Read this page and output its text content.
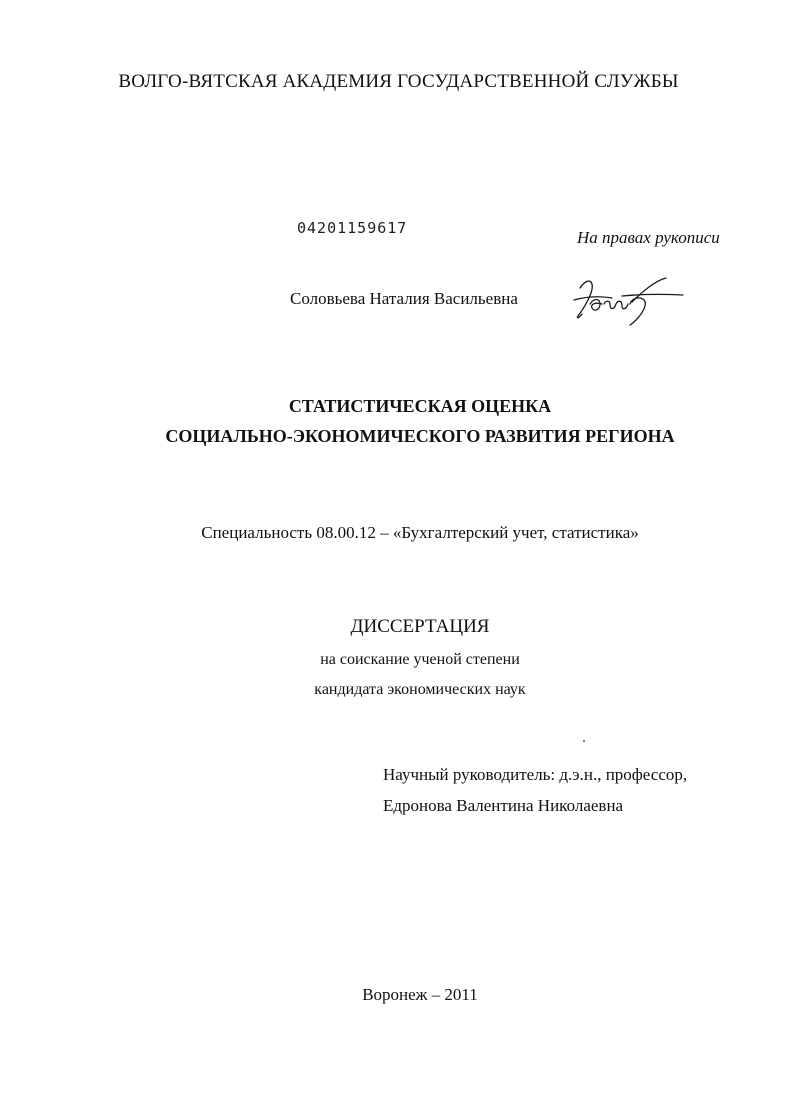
ВОЛГО-ВЯТСКАЯ АКАДЕМИЯ ГОСУДАРСТВЕННОЙ СЛУЖБЫ
04201159617	На правах рукописи
Соловьева Наталия Васильевна
СТАТИСТИЧЕСКАЯ ОЦЕНКА
СОЦИАЛЬНО-ЭКОНОМИЧЕСКОГО РАЗВИТИЯ РЕГИОНА
Специальность 08.00.12 – «Бухгалтерский учет, статистика»
ДИССЕРТАЦИЯ
на соискание ученой степени
кандидата экономических наук
Научный руководитель: д.э.н., профессор,
Едронова Валентина Николаевна
Воронеж – 2011
